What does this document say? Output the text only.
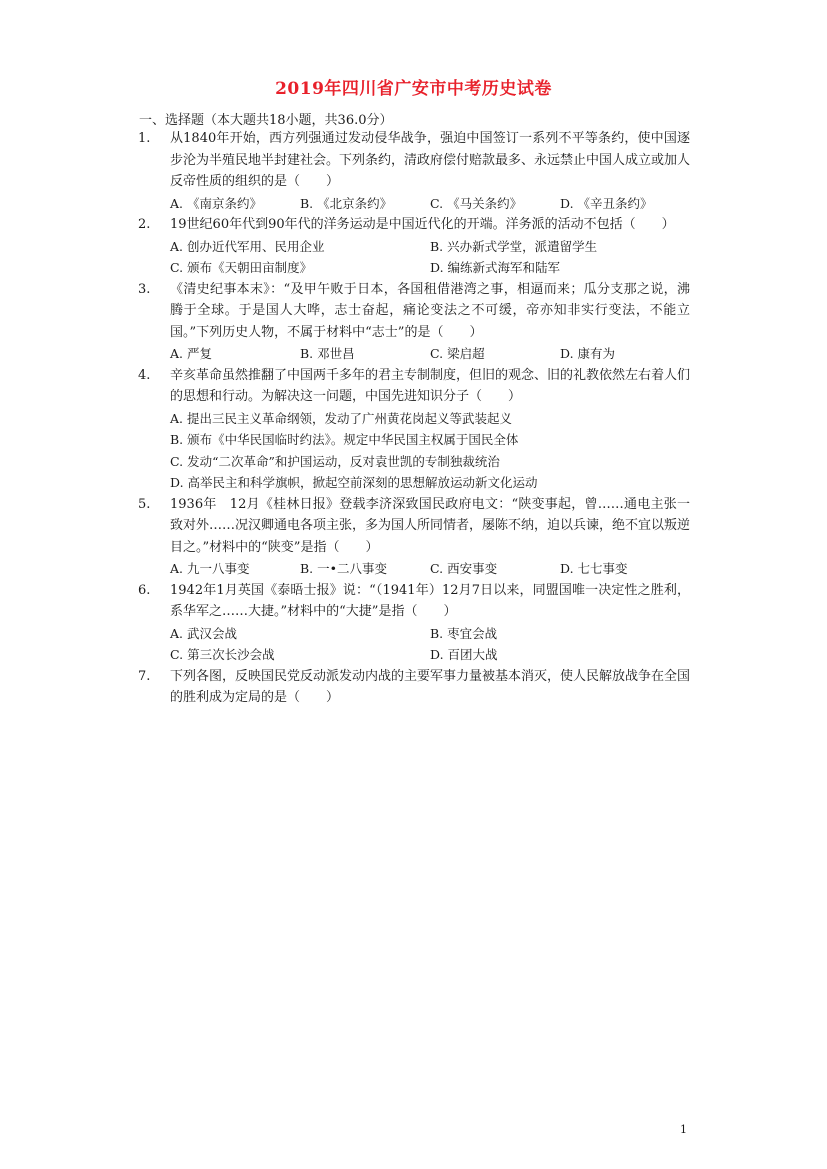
2019年四川省广安市中考历史试卷
一、选择题（本大题共18小题，共36.0分）
1.	从1840年开始，西方列强通过发动侵华战争，强迫中国签订一系列不平等条约，使中国逐步沦为半殖民地半封建社会。下列条约，清政府偿付赔款最多、永远禁止中国人成立或加人反帝性质的组织的是（　　）
A. 《南京条约》	B. 《北京条约》	C. 《马关条约》	D. 《辛丑条约》
2.	19世纪60年代到90年代的洋务运动是中国近代化的开端。洋务派的活动不包括（　　）
A. 创办近代军用、民用企业	B. 兴办新式学堂，派遣留学生
C. 颁布《天朝田亩制度》	D. 编练新式海军和陆军
3.	《清史纪事本末》：“及甲午败于日本，各国租借港湾之事，相逼而来；瓜分支那之说，沸腾于全球。于是国人大哗，志士奋起，痛论变法之不可缓，帝亦知非实行变法，不能立国。”下列历史人物，不属于材料中“志士”的是（　　）
A. 严复	B. 邓世昌	C. 梁启超	D. 康有为
4.	辛亥革命虽然推翻了中国两千多年的君主专制制度，但旧的观念、旧的礼教依然左右着人们的思想和行动。为解决这一问题，中国先进知识分子（　　）
A. 提出三民主义革命纲领，发动了广州黄花岗起义等武装起义
B. 颁布《中华民国临时约法》。规定中华民国主权属于国民全体
C. 发动“二次革命”和护国运动，反对袁世凯的专制独裁统治
D. 高举民主和科学旗帜，掀起空前深刻的思想解放运动新文化运动
5.	1936年　12月《桂林日报》登载李济深致国民政府电文：“陕变事起，曾……通电主张一致对外……况汉卿通电各项主张，多为国人所同情者，屡陈不纳，迫以兵谏，绝不宜以叛逆目之。”材料中的“陕变”是指（　　）
A. 九一八事变	B. 一•二八事变	C. 西安事变	D. 七七事变
6.	1942年1月英国《泰晤士报》说：“（1941年）12月7日以来，同盟国唯一决定性之胜利，系华军之……大捷。”材料中的“大捷”是指（　　）
A. 武汉会战	B. 枣宜会战
C. 第三次长沙会战	D. 百团大战
7.	下列各图，反映国民党反动派发动内战的主要军事力量被基本消灭，使人民解放战争在全国的胜利成为定局的是（　　）
1
